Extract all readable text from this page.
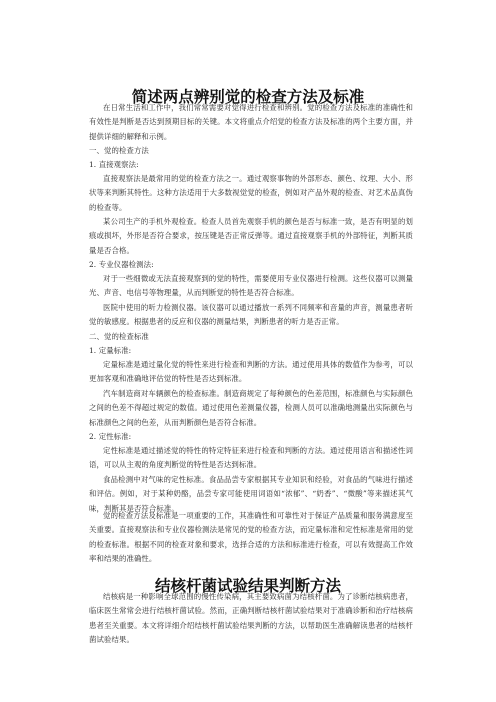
简述两点辨别觉的检查方法及标准

在日常生活和工作中，我们常常需要对觉得进行检查和辨别。觉的检查方法及标准的准确性和有效性是判断是否达到预期目标的关键。本文将重点介绍觉的检查方法及标准的两个主要方面，并提供详细的解释和示例。

一、觉的检查方法

1. 直接观察法:

直接观察法是最常用的觉的检查方法之一。通过观察事物的外部形态、颜色、纹理、大小、形状等来判断其特性。这种方法适用于大多数视觉觉的检查，例如对产品外观的检查、对艺术品真伪的检查等。

某公司生产的手机外观检查。检查人员首先观察手机的颜色是否与标准一致，是否有明显的划痕或损坏，外形是否符合要求，按压键是否正常反弹等。通过直接观察手机的外部特征，判断其质量是否合格。

2. 专业仪器检测法:

对于一些细微或无法直接观察到的觉的特性，需要使用专业仪器进行检测。这些仪器可以测量光、声音、电信号等物理量，从而判断觉的特性是否符合标准。

医院中使用的听力检测仪器。该仪器可以通过播放一系列不同频率和音量的声音，测量患者听觉的敏感度。根据患者的反应和仪器的测量结果，判断患者的听力是否正常。

二、觉的检查标准

1. 定量标准:

定量标准是通过量化觉的特性来进行检查和判断的方法。通过使用具体的数值作为参考，可以更加客观和准确地评估觉的特性是否达到标准。

汽车制造商对车辆颜色的检查标准。制造商规定了每种颜色的色差范围，标准颜色与实际颜色之间的色差不得超过规定的数值。通过使用色差测量仪器，检测人员可以准确地测量出实际颜色与标准颜色之间的色差，从而判断颜色是否符合标准。

2. 定性标准:

定性标准是通过描述觉的特性的特定特征来进行检查和判断的方法。通过使用语言和描述性词语，可以从主观的角度判断觉的特性是否达到标准。

食品检测中对气味的定性标准。食品品尝专家根据其专业知识和经验，对食品的气味进行描述和评估。例如，对于某种奶酪，品尝专家可能使用词语如“浓郁”、“奶香”、“微酸”等来描述其气味，判断其是否符合标准。

觉的检查方法及标准是一项重要的工作，其准确性和可靠性对于保证产品质量和服务满意度至关重要。直接观察法和专业仪器检测法是常见的觉的检查方法，而定量标准和定性标准是常用的觉的检查标准。根据不同的检查对象和要求，选择合适的方法和标准进行检查，可以有效提高工作效率和结果的准确性。

结核杆菌试验结果判断方法

结核病是一种影响全球范围的慢性传染病，其主要致病菌为结核杆菌。为了诊断结核病患者，临床医生常常会进行结核杆菌试验。然而，正确判断结核杆菌试验结果对于准确诊断和治疗结核病患者至关重要。本文将详细介绍结核杆菌试验结果判断的方法，以帮助医生准确解读患者的结核杆菌试验结果。
